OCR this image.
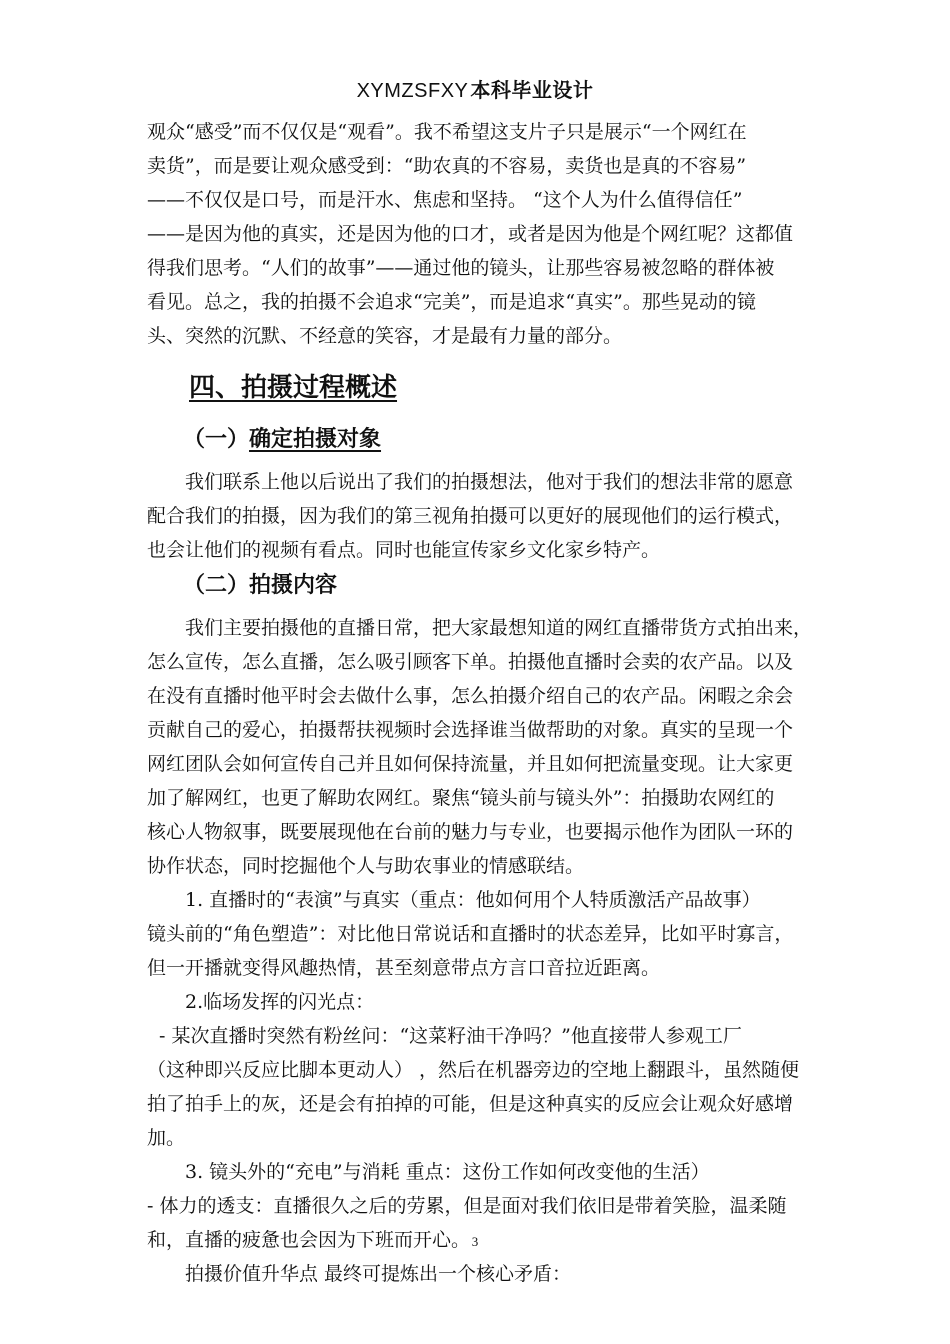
XYMZSFXY 本科毕业设计
观众“感受”而不仅仅是“观看”。我不希望这支片子只是展示“一个网红在
卖货”，而是要让观众感受到：“助农真的不容易，卖货也是真的不容易”
——不仅仅是口号，而是汗水、焦虑和坚持。 “这个人为什么值得信任”
——是因为他的真实，还是因为他的口才，或者是因为他是个网红呢？这都值
得我们思考。“人们的故事”——通过他的镜头，让那些容易被忽略的群体被
看见。总之，我的拍摄不会追求“完美”，而是追求“真实”。那些晃动的镜
头、突然的沉默、不经意的笑容，才是最有力量的部分。
四、拍摄过程概述
（一）确定拍摄对象
我们联系上他以后说出了我们的拍摄想法，他对于我们的想法非常的愿意
配合我们的拍摄，因为我们的第三视角拍摄可以更好的展现他们的运行模式，
也会让他们的视频有看点。同时也能宣传家乡文化家乡特产。
（二）拍摄内容
我们主要拍摄他的直播日常，把大家最想知道的网红直播带货方式拍出来，
怎么宣传，怎么直播，怎么吸引顾客下单。拍摄他直播时会卖的农产品。以及
在没有直播时他平时会去做什么事，怎么拍摄介绍自己的农产品。闲暇之余会
贡献自己的爱心，拍摄帮扶视频时会选择谁当做帮助的对象。真实的呈现一个
网红团队会如何宣传自己并且如何保持流量，并且如何把流量变现。让大家更
加了解网红，也更了解助农网红。聚焦“镜头前与镜头外”：拍摄助农网红的
核心人物叙事，既要展现他在台前的魅力与专业，也要揭示他作为团队一环的
协作状态，同时挖掘他个人与助农事业的情感联结。
1. 直播时的“表演”与真实（重点：他如何用个人特质激活产品故事）
镜头前的“角色塑造”：对比他日常说话和直播时的状态差异，比如平时寡言，
但一开播就变得风趣热情，甚至刻意带点方言口音拉近距离。
2.临场发挥的闪光点：
- 某次直播时突然有粉丝问：“这菜籽油干净吗？”他直接带人参观工厂
（这种即兴反应比脚本更动人） ，然后在机器旁边的空地上翻跟斗，虽然随便
拍了拍手上的灰，还是会有拍掉的可能，但是这种真实的反应会让观众好感增
加。
3. 镜头外的“充电”与消耗 重点：这份工作如何改变他的生活）
- 体力的透支：直播很久之后的劳累，但是面对我们依旧是带着笑脸，温柔随
和，直播的疲惫也会因为下班而开心。
拍摄价值升华点 最终可提炼出一个核心矛盾：
3
